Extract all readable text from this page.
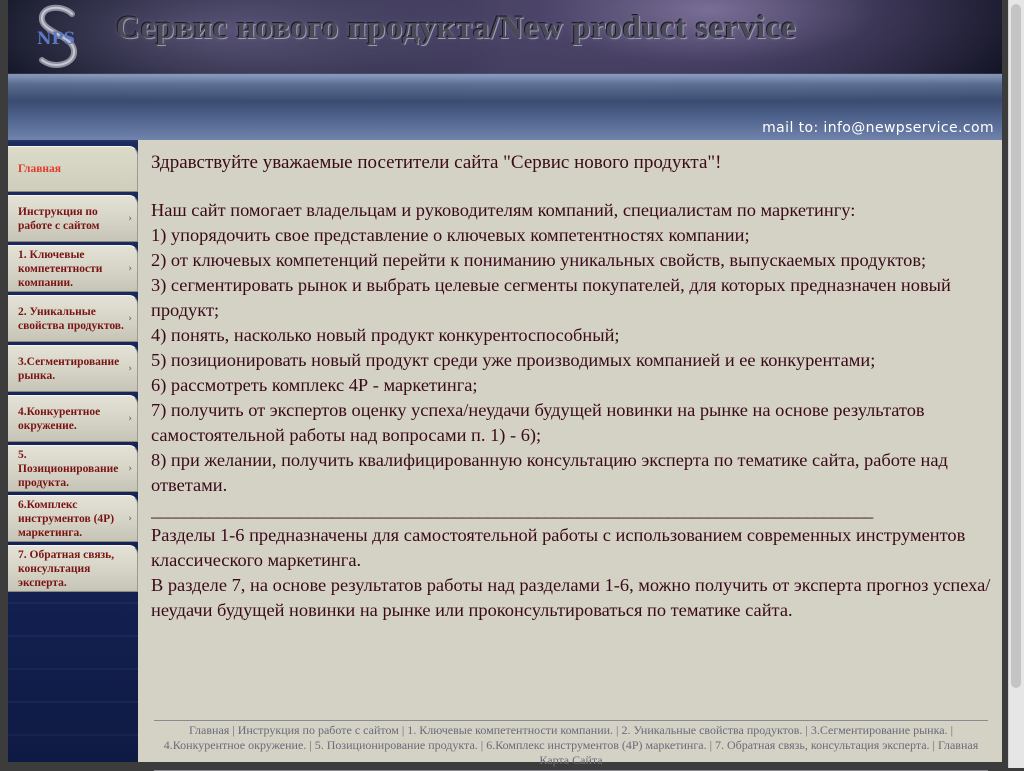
NPS Сервис нового продукта/New product service
mail to: info@newpservice.com
Главная
Инструкция по работе с сайтом
›
1. Ключевые компетентности компании.
›
2. Уникальные свойства продуктов.
›
3.Сегментирование рынка.
›
4.Конкурентное окружение.
›
5. Позиционирование продукта.
›
6.Комплекс инструментов (4Р) маркетинга.
›
7. Обратная связь, консультация эксперта.
Здравствуйте уважаемые посетители сайта "Сервис нового продукта"!

Наш сайт помогает владельцам и руководителям компаний, специалистам по маркетингу:

1) упорядочить свое представление о ключевых компетентностях компании;

2) от ключевых компетенций перейти к пониманию уникальных свойств, выпускаемых продуктов;

3) сегментировать рынок и выбрать целевые сегменты покупателей, для которых предназначен новый продукт;

4) понять, насколько новый продукт конкурентоспособный;

5) позиционировать новый продукт среди уже производимых компанией и ее конкурентами;

6) рассмотреть комплекс 4Р - маркетинга;

7) получить от экспертов оценку успеха/неудачи будущей новинки на рынке на основе результатов самостоятельной работы над вопросами п. 1) - 6);

8) при желании, получить квалифицированную консультацию эксперта по тематике сайта, работе над ответами.

________________________________________________________________________________________

Разделы 1-6 предназначены для самостоятельной работы с использованием современных инструментов классического маркетинга.

В разделе 7, на основе результатов работы над разделами 1-6, можно получить от эксперта прогноз успеха/неудачи будущей новинки на рынке или проконсультироваться по тематике сайта.

Главная | Инструкция по работе с сайтом | 1. Ключевые компетентности компании. | 2. Уникальные свойства продуктов. | 3.Сегментирование рынка. | 4.Конкурентное окружение. | 5. Позиционирование продукта. | 6.Комплекс инструментов (4Р) маркетинга. | 7. Обратная связь, консультация эксперта. | Главная Карта Сайта
